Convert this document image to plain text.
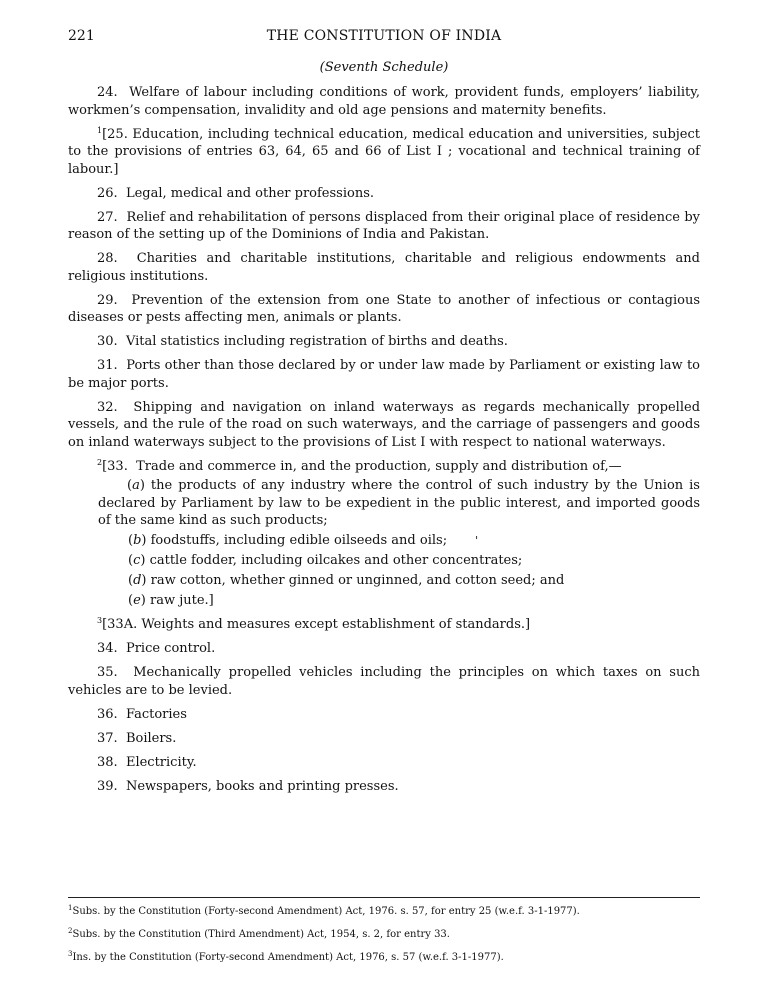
221	THE CONSTITUTION OF INDIA
(Seventh Schedule)

24. Welfare of labour including conditions of work, provident funds, employers’ liability, workmen’s compensation, invalidity and old age pensions and maternity benefits.

$^1$[25. Education, including technical education, medical education and universities, subject to the provisions of entries 63, 64, 65 and 66 of List I ; vocational and technical training of labour.]

26. Legal, medical and other professions.

27. Relief and rehabilitation of persons displaced from their original place of residence by reason of the setting up of the Dominions of India and Pakistan.

28. Charities and charitable institutions, charitable and religious endowments and religious institutions.

29. Prevention of the extension from one State to another of infectious or contagious diseases or pests affecting men, animals or plants.

30. Vital statistics including registration of births and deaths.

31. Ports other than those declared by or under law made by Parliament or existing law to be major ports.

32. Shipping and navigation on inland waterways as regards mechanically propelled vessels, and the rule of the road on such waterways, and the carriage of passengers and goods on inland waterways subject to the provisions of List I with respect to national waterways.

$^2$[33. Trade and commerce in, and the production, supply and distribution of,—

(a) the products of any industry where the control of such industry by the Union is declared by Parliament by law to be expedient in the public interest, and imported goods of the same kind as such products;

(b) foodstuffs, including edible oilseeds and oils;	'

(c) cattle fodder, including oilcakes and other concentrates;

(d) raw cotton, whether ginned or unginned, and cotton seed; and

(e) raw jute.]

$^3$[33A. Weights and measures except establishment of standards.]

34. Price control.

35. Mechanically propelled vehicles including the principles on which taxes on such vehicles are to be levied.

36. Factories

37. Boilers.

38. Electricity.

39. Newspapers, books and printing presses.

$^1$Subs. by the Constitution (Forty-second Amendment) Act, 1976. s. 57, for entry 25 (w.e.f. 3-1-1977).

$^2$Subs. by the Constitution (Third Amendment) Act, 1954, s. 2, for entry 33.

$^3$Ins. by the Constitution (Forty-second Amendment) Act, 1976, s. 57 (w.e.f. 3-1-1977).
